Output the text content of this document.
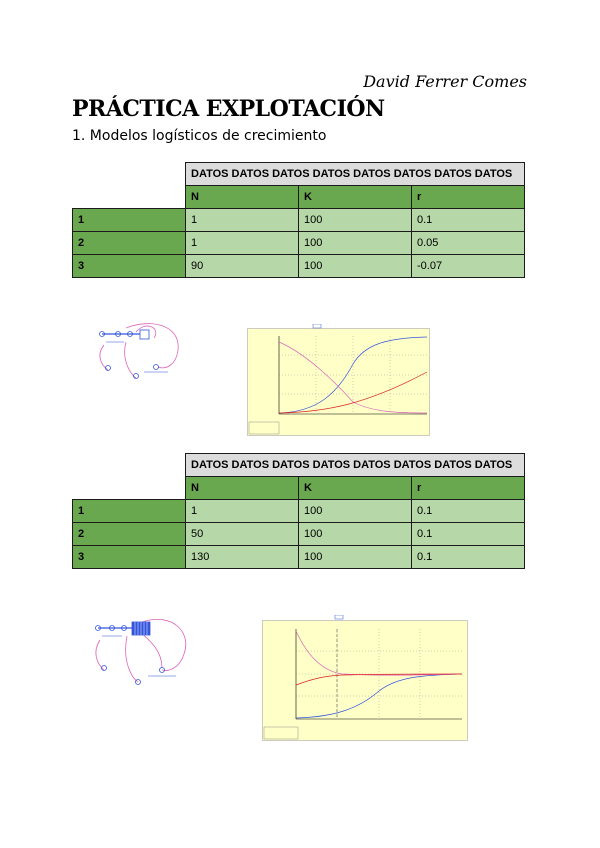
David Ferrer Comes
PRÁCTICA EXPLOTACIÓN
1. Modelos logísticos de crecimiento
	DATOS DATOS DATOS DATOS DATOS DATOS DATOS DATOS		
	N	K	r
1	1	100	0.1
2	1	100	0.05
3	90	100	-0.07
	DATOS DATOS DATOS DATOS DATOS DATOS DATOS DATOS		
	N	K	r
1	1	100	0.1
2	50	100	0.1
3	130	100	0.1
